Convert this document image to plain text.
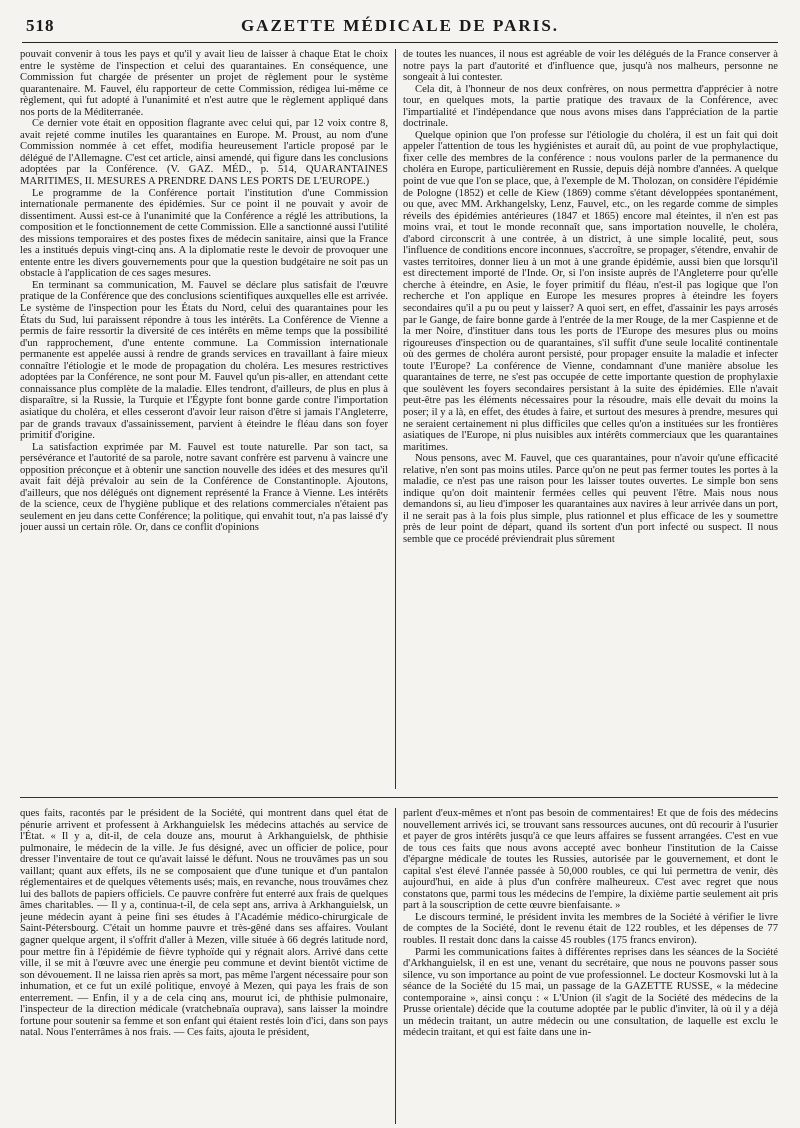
518	GAZETTE MÉDICALE DE PARIS.

pouvait convenir à tous les pays et qu'il y avait lieu de laisser à chaque État le choix entre le système de l'inspection et celui des quarantaines. En conséquence, une Commission fut chargée de présenter un projet de règlement pour le système quarantenaire. M. Fauvel, élu rapporteur de cette Commission, rédigea lui-même ce règlement, qui fut adopté à l'unanimité et n'est autre que le règlement appliqué dans nos ports de la Méditerranée.

Ce dernier vote était en opposition flagrante avec celui qui, par 12 voix contre 8, avait rejeté comme inutiles les quarantaines en Europe. M. Proust, au nom d'une Commission nommée à cet effet, modifia heureusement l'article proposé par le délégué de l'Allemagne. C'est cet article, ainsi amendé, qui figure dans les conclusions adoptées par la Conférence. (V. GAZ. MÉD., p. 514, QUARANTAINES MARITIMES, II. MESURES A PRENDRE DANS LES PORTS DE L'EUROPE.)

Le programme de la Conférence portait l'institution d'une Commission internationale permanente des épidémies. Sur ce point il ne pouvait y avoir de dissentiment. Aussi est-ce à l'unanimité que la Conférence a réglé les attributions, la composition et le fonctionnement de cette Commission. Elle a sanctionné aussi l'utilité des missions temporaires et des postes fixes de médecin sanitaire, ainsi que la France les a institués depuis vingt-cinq ans. A la diplomatie reste le devoir de provoquer une entente entre les divers gouvernements pour que la question budgétaire ne soit pas un obstacle à l'application de ces sages mesures.

En terminant sa communication, M. Fauvel se déclare plus satisfait de l'œuvre pratique de la Conférence que des conclusions scientifiques auxquelles elle est arrivée. Le système de l'inspection pour les États du Nord, celui des quarantaines pour les États du Sud, lui paraissent répondre à tous les intérêts. La Conférence de Vienne a permis de faire ressortir la diversité de ces intérêts en même temps que la possibilité d'un rapprochement, d'une entente commune. La Commission internationale permanente est appelée aussi à rendre de grands services en travaillant à faire mieux connaître l'étiologie et le mode de propagation du choléra. Les mesures restrictives adoptées par la Conférence, ne sont pour M. Fauvel qu'un pis-aller, en attendant cette connaissance plus complète de la maladie. Elles tendront, d'ailleurs, de plus en plus à disparaître, si la Russie, la Turquie et l'Égypte font bonne garde contre l'importation asiatique du choléra, et elles cesseront d'avoir leur raison d'être si jamais l'Angleterre, par de grands travaux d'assainissement, parvient à éteindre le fléau dans son foyer primitif d'origine.

La satisfaction exprimée par M. Fauvel est toute naturelle. Par son tact, sa persévérance et l'autorité de sa parole, notre savant confrère est parvenu à vaincre une opposition préconçue et à obtenir une sanction nouvelle des idées et des mesures qu'il avait fait déjà prévaloir au sein de la Conférence de Constantinople. Ajoutons, d'ailleurs, que nos délégués ont dignement représenté la France à Vienne. Les intérêts de la science, ceux de l'hygiène publique et des relations commerciales n'étaient pas seulement en jeu dans cette Conférence; la politique, qui envahit tout, n'a pas laissé d'y jouer aussi un certain rôle. Or, dans ce conflit d'opinions

de toutes les nuances, il nous est agréable de voir les délégués de la France conserver à notre pays la part d'autorité et d'influence que, jusqu'à nos malheurs, personne ne songeait à lui contester.

Cela dit, à l'honneur de nos deux confrères, on nous permettra d'apprécier à notre tour, en quelques mots, la partie pratique des travaux de la Conférence, avec l'impartialité et l'indépendance que nous avons mises dans l'appréciation de la partie doctrinale.

Quelque opinion que l'on professe sur l'étiologie du choléra, il est un fait qui doit appeler l'attention de tous les hygiénistes et aurait dû, au point de vue prophylactique, fixer celle des membres de la conférence : nous voulons parler de la permanence du choléra en Europe, particulièrement en Russie, depuis déjà nombre d'années. A quelque point de vue que l'on se place, que, à l'exemple de M. Tholozan, on considère l'épidémie de Pologne (1852) et celle de Kiew (1869) comme s'étant développées spontanément, ou que, avec MM. Arkhangelsky, Lenz, Fauvel, etc., on les regarde comme de simples réveils des épidémies antérieures (1847 et 1865) encore mal éteintes, il n'en est pas moins vrai, et tout le monde reconnaît que, sans importation nouvelle, le choléra, d'abord circonscrit à une contrée, à un district, à une simple localité, peut, sous l'influence de conditions encore inconnues, s'accroître, se propager, s'étendre, envahir de vastes territoires, donner lieu à un mot à une grande épidémie, aussi bien que lorsqu'il est directement importé de l'Inde. Or, si l'on insiste auprès de l'Angleterre pour qu'elle cherche à éteindre, en Asie, le foyer primitif du fléau, n'est-il pas logique que l'on recherche et l'on applique en Europe les mesures propres à éteindre les foyers secondaires qu'il a pu ou peut y laisser? A quoi sert, en effet, d'assainir les pays arrosés par le Gange, de faire bonne garde à l'entrée de la mer Rouge, de la mer Caspienne et de la mer Noire, d'instituer dans tous les ports de l'Europe des mesures plus ou moins rigoureuses d'inspection ou de quarantaines, s'il suffit d'une seule localité continentale où des germes de choléra auront persisté, pour propager ensuite la maladie et infecter toute l'Europe? La conférence de Vienne, condamnant d'une manière absolue les quarantaines de terre, ne s'est pas occupée de cette importante question de prophylaxie que soulèvent les foyers secondaires persistant à la suite des épidémies. Elle n'avait peut-être pas les éléments nécessaires pour la résoudre, mais elle devait du moins la poser; il y a là, en effet, des études à faire, et surtout des mesures à prendre, mesures qui ne seraient certainement ni plus difficiles que celles qu'on a instituées sur les frontières asiatiques de l'Europe, ni plus nuisibles aux intérêts commerciaux que les quarantaines maritimes.

Nous pensons, avec M. Fauvel, que ces quarantaines, pour n'avoir qu'une efficacité relative, n'en sont pas moins utiles. Parce qu'on ne peut pas fermer toutes les portes à la maladie, ce n'est pas une raison pour les laisser toutes ouvertes. Le simple bon sens indique qu'on doit maintenir fermées celles qui peuvent l'être. Mais nous nous demandons si, au lieu d'imposer les quarantaines aux navires à leur arrivée dans un port, il ne serait pas à la fois plus simple, plus rationnel et plus efficace de les y soumettre près de leur point de départ, quand ils sortent d'un port infecté ou suspect. Il nous semble que ce procédé préviendrait plus sûrement

ques faits, racontés par le président de la Société, qui montrent dans quel état de pénurie arrivent et professent à Arkhanguielsk les médecins attachés au service de l'État. « Il y a, dit-il, de cela douze ans, mourut à Arkhanguielsk, de phthisie pulmonaire, le médecin de la ville. Je fus désigné, avec un officier de police, pour dresser l'inventaire de tout ce qu'avait laissé le défunt. Nous ne trouvâmes pas un sou vaillant; quant aux effets, ils ne se composaient que d'une tunique et d'un pantalon réglementaires et de quelques vêtements usés; mais, en revanche, nous trouvâmes chez lui des ballots de papiers officiels. Ce pauvre confrère fut enterré aux frais de quelques âmes charitables. — Il y a, continua-t-il, de cela sept ans, arriva à Arkhanguielsk, un jeune médecin ayant à peine fini ses études à l'Académie médico-chirurgicale de Saint-Pétersbourg. C'était un homme pauvre et très-gêné dans ses affaires. Voulant gagner quelque argent, il s'offrit d'aller à Mezen, ville située à 66 degrés latitude nord, pour mettre fin à l'épidémie de fièvre typhoïde qui y régnait alors. Arrivé dans cette ville, il se mit à l'œuvre avec une énergie peu commune et devint bientôt victime de son dévouement. Il ne laissa rien après sa mort, pas même l'argent nécessaire pour son inhumation, et ce fut un exilé politique, envoyé à Mezen, qui paya les frais de son enterrement. — Enfin, il y a de cela cinq ans, mourut ici, de phthisie pulmonaire, l'inspecteur de la direction médicale (vratchebnaïa oupravа), sans laisser la moindre fortune pour soutenir sa femme et son enfant qui étaient restés loin d'ici, dans son pays natal. Nous l'enterrâmes à nos frais. — Ces faits, ajouta le président,

parlent d'eux-mêmes et n'ont pas besoin de commentaires! Et que de fois des médecins nouvellement arrivés ici, se trouvant sans ressources aucunes, ont dû recourir à l'usurier et payer de gros intérêts jusqu'à ce que leurs affaires se fussent arrangées. C'est en vue de tous ces faits que nous avons accepté avec bonheur l'institution de la Caisse d'épargne médicale de toutes les Russies, autorisée par le gouvernement, et dont le capital s'est élevé l'année passée à 50,000 roubles, ce qui lui permettra de venir, dès aujourd'hui, en aide à plus d'un confrère malheureux. C'est avec regret que nous constatons que, parmi tous les médecins de l'empire, la dixième partie seulement ait pris part à la souscription de cette œuvre bienfaisante. »

Le discours terminé, le président invita les membres de la Société à vérifier le livre de comptes de la Société, dont le revenu était de 122 roubles, et les dépenses de 77 roubles. Il restait donc dans la caisse 45 roubles (175 francs environ).

Parmi les communications faites à différentes reprises dans les séances de la Société d'Arkhanguielsk, il en est une, venant du secrétaire, que nous ne pouvons passer sous silence, vu son importance au point de vue professionnel. Le docteur Kosmovski lut à la séance de la Société du 15 mai, un passage de la GAZETTE RUSSE, « la médecine contemporaine », ainsi conçu : « L'Union (il s'agit de la Société des médecins de la Prusse orientale) décide que la coutume adoptée par le public d'inviter, là où il y a déjà un médecin traitant, un autre médecin ou une consultation, de laquelle est exclu le médecin traitant, et qui est faite dans une in-
